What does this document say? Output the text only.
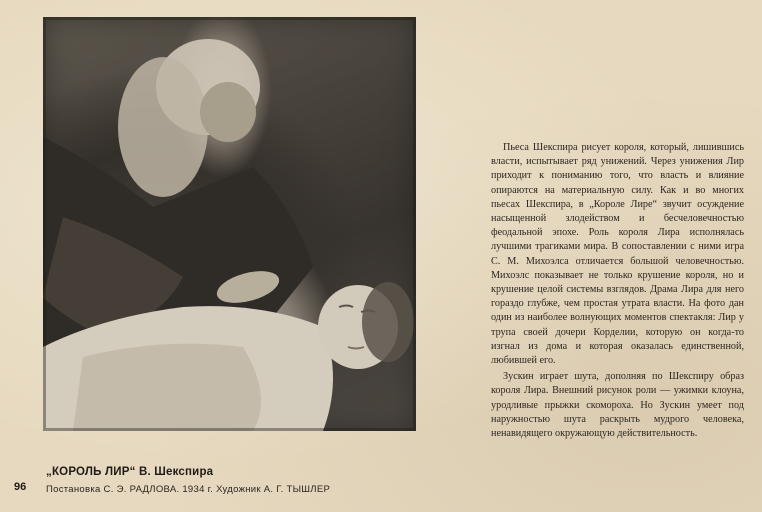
96
„КОРОЛЬ ЛИР“ В. Шекспира
Постановка С. Э. РАДЛОВА. 1934 г. Художник А. Г. ТЫШЛЕР

Пьеса Шекспира рисует короля, который, лишившись власти, испытывает ряд унижений. Через унижения Лир приходит к пониманию того, что власть и влияние опираются на материальную силу. Как и во многих пьесах Шекспира, в „Короле Лире“ звучит осуждение насыщенной злодейством и бесчеловечностью феодальной эпохе. Роль короля Лира исполнялась лучшими трагиками мира. В сопоставлении с ними игра С. М. Михоэлса отличается большой человечностью. Михоэлс показывает не только крушение короля, но и крушение целой системы взглядов. Драма Лира для него гораздо глубже, чем простая утрата власти. На фото дан один из наиболее волнующих моментов спектакля: Лир у трупа своей дочери Корделии, которую он когда-то изгнал из дома и которая оказалась единственной, любившей его.

Зускин играет шута, дополняя по Шекспиру образ короля Лира. Внешний рисунок роли — ужимки клоуна, уродливые прыжки скомороха. Но Зускин умеет под наружностью шута раскрыть мудрого человека, ненавидящего окружающую действительность.
